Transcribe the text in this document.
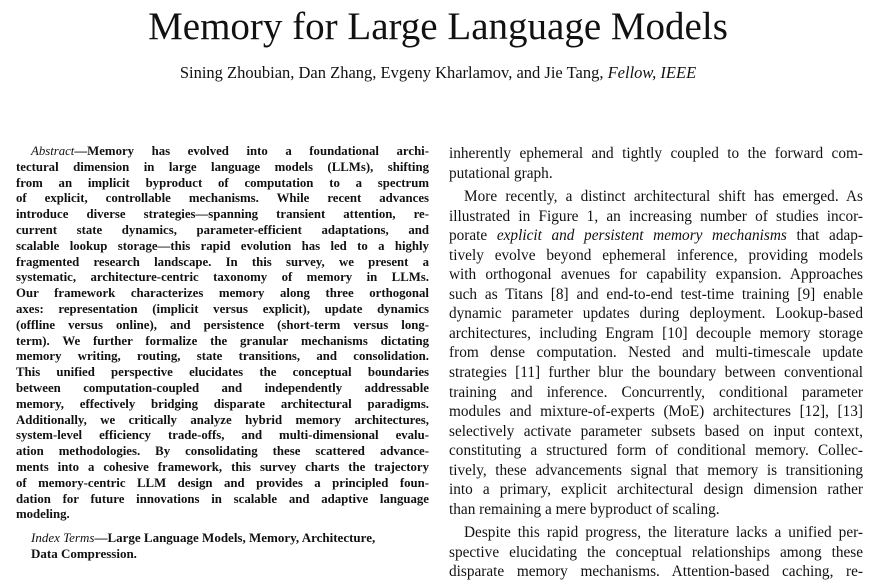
Memory for Large Language Models
Sining Zhoubian, Dan Zhang, Evgeny Kharlamov, and Jie Tang, Fellow, IEEE
Abstract—Memory has evolved into a foundational archi-
tectural dimension in large language models (LLMs), shifting
from an implicit byproduct of computation to a spectrum
of explicit, controllable mechanisms. While recent advances
introduce diverse strategies—spanning transient attention, re-
current state dynamics, parameter-efficient adaptations, and
scalable lookup storage—this rapid evolution has led to a highly
fragmented research landscape. In this survey, we present a
systematic, architecture-centric taxonomy of memory in LLMs.
Our framework characterizes memory along three orthogonal
axes: representation (implicit versus explicit), update dynamics
(offline versus online), and persistence (short-term versus long-
term). We further formalize the granular mechanisms dictating
memory writing, routing, state transitions, and consolidation.
This unified perspective elucidates the conceptual boundaries
between computation-coupled and independently addressable
memory, effectively bridging disparate architectural paradigms.
Additionally, we critically analyze hybrid memory architectures,
system-level efficiency trade-offs, and multi-dimensional evalu-
ation methodologies. By consolidating these scattered advance-
ments into a cohesive framework, this survey charts the trajectory
of memory-centric LLM design and provides a principled foun-
dation for future innovations in scalable and adaptive language
modeling.
Index Terms—Large Language Models, Memory, Architecture,
Data Compression.
inherently ephemeral and tightly coupled to the forward com-
putational graph.
More recently, a distinct architectural shift has emerged. As
illustrated in Figure 1, an increasing number of studies incor-
porate explicit and persistent memory mechanisms that adap-
tively evolve beyond ephemeral inference, providing models
with orthogonal avenues for capability expansion. Approaches
such as Titans [8] and end-to-end test-time training [9] enable
dynamic parameter updates during deployment. Lookup-based
architectures, including Engram [10] decouple memory storage
from dense computation. Nested and multi-timescale update
strategies [11] further blur the boundary between conventional
training and inference. Concurrently, conditional parameter
modules and mixture-of-experts (MoE) architectures [12], [13]
selectively activate parameter subsets based on input context,
constituting a structured form of conditional memory. Collec-
tively, these advancements signal that memory is transitioning
into a primary, explicit architectural design dimension rather
than remaining a mere byproduct of scaling.
Despite this rapid progress, the literature lacks a unified per-
spective elucidating the conceptual relationships among these
disparate memory mechanisms. Attention-based caching, re-
